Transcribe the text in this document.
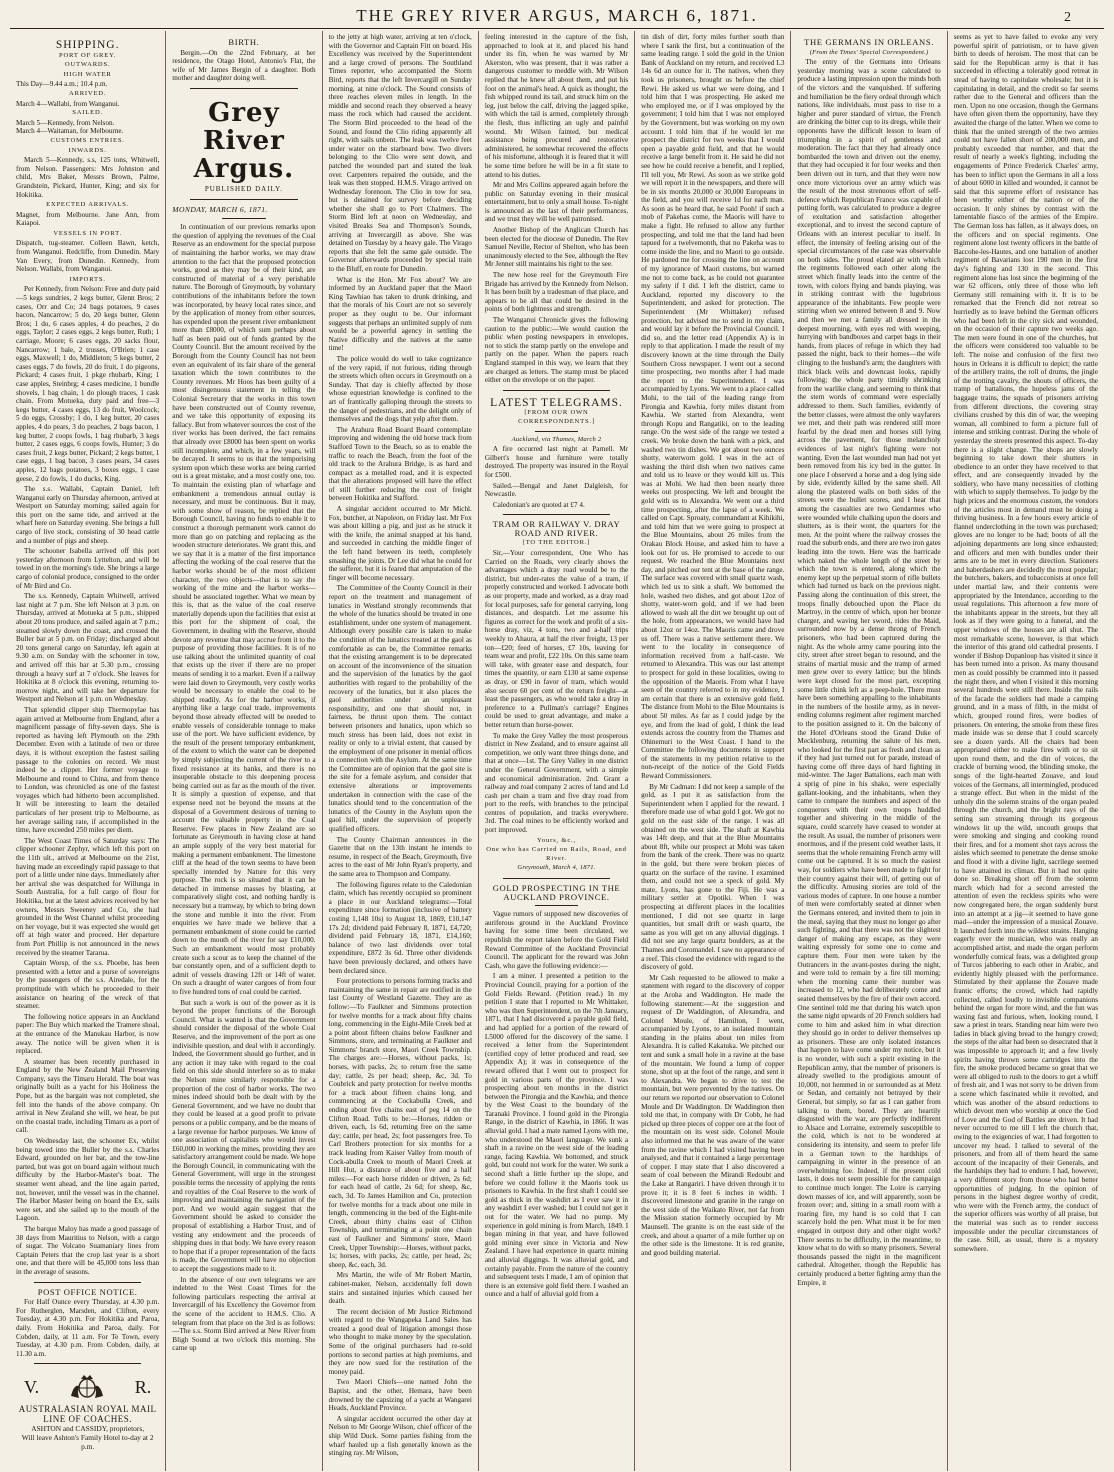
THE GREY RIVER ARGUS, MARCH 6, 1871.	2
SHIPPING.
PORT OF GREY.
OUTWARDS.
HIGH WATER

This Day—9.44 a.m.; 10.4 p.m.

ARRIVED.

March 4—Wallabi, from Wanganui.

SAILED.

March 5—Kennedy, from Nelson.

March 4—Waitaman, for Melbourne.

CUSTOMS ENTRIES.
INWARDS.

March 5—Kennedy, s.s, 125 tons, Whitwell, from Nelson. Passengers: Mrs Johnston and child, Mrs Baker, Messrs Brown, Palme, Grandstein, Pickard, Hunter, King; and six for Hokitika.

EXPECTED ARRIVALS.

Magnet, from Melbourne. Jane Ann, from Kaiapoi.

VESSELS IN PORT.

Dispatch, tug-steamer. Colleen Bawn, ketch, from Wanganui. Redcliffe, from Dunedin. Mary Van Every, from Dunedin. Kennedy, from Nelson. Wallabi, from Wanganui.

IMPORTS.

Per Kennedy, from Nelson: Free and duty paid—5 kegs sundries, 2 kegs butter, Glenn Bros; 2 cases, Orr and Co; 24 bags potatoes, 9 cases bacon, Nancarrow; 5 do, 20 kegs butter, Glenn Bros; 1 do, 6 cases apples, 4 do peaches, 2 do eggs, Taylor; 2 cases eggs, 2 kegs butter, Ruth; 1 carriage, Moore; 6 cases eggs, 20 sacks flour, Nancarrow; 1 bale, 2 trusses, O'Brien; 1 case eggs, Maxwell; 1 do, Middleton; 5 kegs butter, 2 cases eggs, 7 do fowls, 20 do fruit, 1 do pigeons, Pickard; 4 cases fruit, 1 pkge rhubarb, King; 1 case apples, Steinbrg; 4 cases medicine, 1 bundle shovels, 1 bag chain, 1 do plough traces, 1 cask chain. From Motueka, duty paid and free—3 kegs butter, 4 cases eggs, 13 do fruit, Woolcock; 5 do eggs, Crossby; 1 do, 1 keg butter, 20 cases apples, 4 do pears, 3 do peaches, 2 bags bacon, 1 keg butter, 2 coops fowls, 1 bag rhubarb, 3 kegs butter, 2 cases eggs, 6 coops fowls, Hunter; 3 do cases fruit, 2 kegs butter, Pickard; 2 kegs butter, 1 case eggs, 1 bag bacon, 3 cases pears, 34 cases apples, 12 bags potatoes, 3 boxes eggs, 1 case geese, 2 do fowls, 1 do ducks, King.

The s.s. Wallabi, Captain Daniel, left Wanganui early on Thursday afternoon, arrived at Westport on Saturday morning; sailed again for this port on the same tide, and arrived at the wharf here on Saturday evening. She brings a full cargo of live stock, consisting of 30 head cattle and a number of pigs and sheep.

The schooner Isabella arrived off this port yesterday afternoon from Lyttelton, and will be towed in on the morning's tide. She brings a large cargo of colonial produce, consigned to the order of Mr Bird and Co.

The s.s. Kennedy, Captain Whitwell, arrived last night at 7 p.m. She left Nelson at 3 p.m. on Thursday, arrived at Motueka at 5 p.m., shipped about 20 tons produce, and sailed again at 7 p.m.; steamed slowly down the coast, and crossed the Buller bar at 5 p.m. on Friday; discharged about 20 tons general cargo on Saturday, left again at 9.30 a.m. on Sunday with the schooner in tow, and arrived off this bar at 5.30 p.m., crossing through a heavy surf at 7 o'clock. She leaves for Hokitika at 8 o'clock this evening, returning to-morrow night, and will take her departure for Westport and Nelson at 1 p.m. on Wednesday.

That splendid clipper ship Thermopylae has again arrived at Melbourne from England, after a magnificent passage of fifty-seven days. She is reported as having left Plymouth on the 29th December. Even with a latitude of two or three days, it is without exception the fastest sailing passage to the colonies on record. We must indeed be a clipper. Her former voyage to Melbourne and round to China, and from thence to London, was chronicled as one of the fastest voyages which had hitherto been accomplished. It will be interesting to learn the detailed particulars of her present trip to Melbourne, as her average sailing rate, if accomplished in the time, have exceeded 250 miles per diem.

The West Coast Times of Saturday says: The clipper schooner Zephyr, which left this port on the 11th ult., arrived at Melbourne on the 21st, having made an exceedingly rapid passage to that port of a little under nine days. Immediately after her arrival she was despatched for Willunga in South Australia, for a full cargo of flour for Hokitika, but at the latest advices received by her owners, Messrs Sweeney and Co, she had grounded in the West Channel whilst proceeding on her voyage, but it was expected she would get off at high water and proceed. Her departure from Port Phillip is not announced in the news received by the steamer Tararua.

Captain Worsp, of the s.s. Phoebe, has been presented with a letter and a purse of sovereigns by the passengers of the s.s. Airedale, for the promptitude with which he proceeded to their assistance on hearing of the wreck of that steamer.

The following notice appears in an Auckland paper: The Buy which marked the Tramere shoal, at the entrance of the Manukau Harbor, is now away. The notice will be given when it is replaced.

A steamer has been recently purchased in England by the New Zealand Mail Preserving Company, says the Timaru Herald. The boat was originally built as a yacht for his Holiness the Pope, but as the bargain was not completed, she fell into the hands of the above company. On arrival in New Zealand she will, we hear, be put on the coastal trade, including Timaru as a port of call.

On Wednesday last, the schooner Ex, whilst being towed into the Buller by the s.s. Charles Edward, grounded on her bar, and the tow-line parted, but was got on board again without much difficulty by the Harbor-Master's boat. The steamer went ahead, and the line again parted, not, however, until the vessel was in the channel. The Harbor Master being on board the Ex, sails were set, and she sailed up to the mouth of the Lagoon.

The barque Maloy has made a good passage of 38 days from Mauritius to Nelson, with a cargo of sugar. The Volcano Suamaniary lines from Captain Peters that the crop last year is a short one, and that there will be 45,000 tons less than in the average of seasons.

POST OFFICE NOTICE.

For Half Ounce every Thursday, at 4.30 p.m. For Rutherglen, Marsden, and Clifton, every Tuesday, at 4.30 p.m. For Hokitika and Paroa, daily. From Hokitika and Paroa, daily. For Cobden, daily, at 11 a.m. For Te Town, every Tuesday, at 4.30 p.m. From Cobden, daily, at 11.30 a.m.

V.	R.
AUSTRALASIAN ROYAL MAIL LINE OF COACHES.
ASHTON and CASSIDY, proprietors,
Will leave Ashton's Family Hotel to-day at 2 p.m.
BIRTH.

Bergin.—On the 22nd February, at her residence, the Otago Hotel, Antonio's Flat, the wife of Mr James Bergin of a daughter. Both mother and daughter doing well.

Grey River Argus.
PUBLISHED DAILY.
MONDAY, MARCH 6, 1871.

In continuation of our previous remarks upon the question of applying the revenues of the Coal Reserve as an endowment for the special purpose of maintaining the harbor works, we may draw attention to the fact that the proposed protection works, good as they may be of their kind, are constructed of material of a very perishable nature. The Borough of Greymouth, by voluntary contributions of the inhabitants before the town was incorporated, by heavy local rates since, and by the application of money from other sources, has expended upon the present river embankment more than £8000, of which sum perhaps about half as been paid out of funds granted by the County Council. But the amount received by the Borough from the County Council has not been even an equivalent of its fair share of the general taxation which the town contributes to the County revenues. Mr Hoos has been guilty of a most disingenuous statement in telling the Colonial Secretary that the works in this town have been constructed out of County revenue, and we take this opportunity of exposing its fallacy. But from whatever sources the cost of the river works has been derived, the fact remains that already over £8000 has been spent on works still incomplete, and which, in a few years, will be decayed. It seems to us that the temporising system upon which these works are being carried out is a great mistake, and a most costly one, too. To maintain the existing plan of wharfage and embankment a tremendous annual outlay is necessary, and must be continuous. But it may, with some show of reason, be replied that the Borough Council, having no funds to enable it to construct a thorough permanent work cannot do more than go on patching and replacing as the wooden structure deteriorates. We grant this, and we say that it is a matter of the first importance affecting the working of the coal reserve that the harbor works should be of the most efficient character, the two objects—that is to say the working of the mine and the harbor works—should be associated together. What we mean by this is, that as the value of the coal reserve materially depends upon the facilities that exist at this port for the shipment of coal, the Government, in dealing with the Reserve, should devote any revenue that may accrue from it to the purpose of providing those facilities. It is of no use talking about the unlimited quantity of coal that exists up the river if there are no proper means of sending it to a market. Even if a railway were laid down to Greymouth, very costly works would be necessary to enable the coal to be shipped readily. As for the harbor works, if anything like a large coal trade, improvements beyond those already effected will be needed to enable vessels of considerable tonnage to make use of the port. We have sufficient evidence, by the result of the present temporary embankment, of the extent to which the water can be deepened by simply subjecting the current of the river to a fixed resistance at its banks, and there is no insuperable obstacle to this deepening process being carried out as far as the mouth of the river. It is simply a question of expense, and that expense need not be beyond the means at the disposal of a Government desirous of turning to account the valuable property in the Coal Reserve. Few places in New Zealand are so fortunate as Greymouth in having close at hand an ample supply of the very best material for making a permanent embankment. The limestone cliff at the head of the town seems to have been specially intended by Nature for this very purpose. The rock is so situated that it can be detached in immense masses by blasting, at comparatively slight cost, and nothing hardly is necessary but a tramway, by which to bring down the stone and tumble it into the river. From enquiries we have made we believe that a permanent embankment of stone could be carried down to the mouth of the river for say £10,000. Such an embankment would most probably create such a scour as to keep the channel of the bar constantly open, and of a sufficient depth to admit of vessels drawing 12ft or 14ft of water. On such a draught of water cargoes of from four to five hundred tons of coal could be carried.

But such a work is out of the power as it is beyond the proper functions of the Borough Council. What is wanted is that the Government should consider the disposal of the whole Coal Reserve, and the improvement of the port as one indivisible question, and deal with it accordingly. Indeed, the Government should go further, and in any action it may take with regard to the coal field on this side should interfere so as to make the Nelson mine similarly responsible for a proportion of the cost of harbor works. The two mines indeed should both be dealt with by the General Government, and we have no doubt that they could be leased at a good profit to private persons or a public company, and be the means of a large revenue for harbor purposes. We know of one association of capitalists who would invest £60,000 in working the mines, providing they are satisfactory arrangement could be made. We hope the Borough Council, in communicating with the General Government, will urge in the strongest possible terms the necessity of applying the rents and royalties of the Coal Reserve to the work of improving and maintaining the navigation of the port. And we would again suggest that the Government should be asked to consider the proposal of establishing a Harbor Trust, and of vesting any endowment and the proceeds of shipping dues in that body. We have every reason to hope that if a proper representation of the facts is made, the Government will have no objection to accept the suggestions made to it.

In the absence of our own telegrams we are indebted to the West Coast Times for the following particulars respecting the arrival at Invercargill of his Excellency the Governor from the scene of the accident to H.M.S. Clio. A telegram from that place on the 3rd is as follows:—The s.s. Storm Bird arrived at New River from Bligh Sound at two o'clock this morning. She came up

to the jetty at high water, arriving at ten o'clock, with the Governor and Captain Fitt on board. His Excellency was received by the Superintendent and a large crowd of persons. The Southland Times reporter, who accompanied the Storm Bird, reports that the left Invercargill on Sunday morning, at nine o'clock. The Sound consists of three reaches eleven miles in length. In the middle and second reach they observed a heavy mass the rock which had caused the accident. The Storm Bird proceeded to the head of the Sound, and found the Clio riding apparently all right, with sails unbent. The leak was twelve feet under water on the starboard bow. Two divers belonging to the Clio were sent down, and patched the wounded part and stated the leak over. Carpenters repaired the outside, and the leak was then stopped. H.M.S. Virago arrived on Wednesday forenoon. The Clio in tow for sea, but is detained for survey before deciding whether she shall go to Port Chalmers. The Storm Bird left at noon on Wednesday, and visited Breaks Sea and Thompson's Sounds, arriving at Invercargill as above. She was detained on Tuesday by a heavy gale. The Virago reports that she felt the same gale outside. The Governor afterwards proceeded by special train to the Bluff, en route for Dunedin.

What is the Hon. Mr Fox about? We are informed by an Auckland paper that the Maori King Tawhiao has taken to drunk drinking, and that the morals of his Court are not so severely proper as they ought to be. Our informant suggests that perhaps an unlimited supply of rum would be a powerful agency in settling the Native difficulty and the natives at the same time!

The police would do well to take cognizance of the very rapid, if not furious, riding through the streets which often occurs in Greymouth on a Sunday. That day is chiefly affected by those whose equestrian knowledge is confined to the art of frantically galloping through the streets to the danger of pedestrians, and the delight only of themselves and the dogs that yelp after them.

The Arahura Road Board Board contemplate improving and widening the old horse track from Stafford Town to the Beach, so as to enable the traffic to reach the Beach, from the foot of the old track to the Arahura Bridge, is as hard and compact as a metalled road, and it is expected that the alterations proposed will have the effect of still further reducing the cost of freight between Hokitika and Stafford.

A singular accident occurred to Mr Michl. Fox, butcher, at Napoleon, on Friday last. Mr Fox was about killing a pig, and just as he struck it with the knife, the animal snapped at his hand, and succeeded in catching the middle finger of the left hand between its teeth, completely smashing the joints. Dr Lee did what he could for the sufferer, but it is feared that amputation of the finger will become necessary.

The Committee of the County Council in their report on the treatment and management of lunatics in Westland strongly recommends that the whole of the lunatics should be treated in one establishment, under one system of management. Although every possible care is taken to make the condition of the lunatics treated at the gaol as comfortable as can be, the Committee remarks that the existing arrangement is to be deprecated on account of the inconvenience of the situation and the supervision of the lunatics by the gaol authorities with regard to the probability of the recovery of the lunatics, but it also places the gaol authorities under an unpleasant responsibility, and one that should not, in fairness, be thrust upon them. The contact between prisoners and lunatics, upon which so much stress has been laid, does not exist in reality or only to a trivial extent, that caused by the employment of one prisoner in menial offices in connection with the Asylum. At the same time the Committee are of opinion that the gaol site is the site for a female asylum, and consider that extensive alterations or improvements undertaken in connection with the case of the lunatics should tend to the concentration of the lunatics of the County in the Asylum upon the gaol hill, under the supervision of properly qualified officers.

The County Chairman announces in the Gazette that on the 13th instant he intends to resume, in respect of the Beach, Greymouth, five acres to the east of Mr John Ryan's property, and the same area to Thompson and Company.

The following figures relate to the Caledonian claim, which has recently occupied so prominent a place in our Auckland telegrams:—Total expenditure since formation (inclusive of battery costing 1,148 10s) to August 18, 1869, £10,147 17s 2d; dividend paid February 8, 1871, £4,720; dividend paid February 18, 1871, £14,160; balance of two last dividends over total expenditure, £872 3s 6d. Three other dividends have been previously declared, and others have been declared since.

Four protections to persons forming tracks and maintaining the same in repair are notified in the last County of Westland Gazette. They are as follow:—To Faulkner and Simmons protection for twelve months for a track about fifty chains long, commencing in the Eight-Mile Creek bed at a point about fifteen chains below Faulkner and Simmons, store, and terminating at Faulkner and Simmons' branch store, Maori Creek Township. The charges are:—Horses, without packs, 1s; horses, with packs, 2s; to return free the same day; cattle, 2s per head; sheep, &c, 3d. To Coubrick and party protection for twelve months for a track about fifteen chains long, and commencing at the Cockabulla Creek, and ending about five chains east of peg 14 on the Clifton Road. Tolls to be:—Horses, ridden or driven, each, 1s 6d, returning free on the same day; cattle, per head, 2s; foot passengers free. To Carl Brothers protection for six months for a track leading from Kaiser Valley from mouth of Cock-abulla Creek to mouth of Maori Creek at Hill Hut, a distance of about five and a half miles:—For each horse ridden or driven, 2s 6d; for each head of cattle, 2s 6d; for sheep, &c, each, 3d. To James Hamilton and Co, protection for twelve months for a track about one mile in length, commencing in the bed of the Eight-mile Creek, about thirty chains east of Clifton Township, and terminating at a point one chain east of Faulkner and Simmons' store, Maori Creek, Upper Township:—Horses, without packs, 1s; horses, with packs, 2s; cattle, per head, 2s; sheep, &c, each, 3d.

Mrs Martin, the wife of Mr Robert Martin, cabinet-maker, Nelson, accidentally fell down stairs and sustained injuries which caused her death.

The recent decision of Mr Justice Richmond with regard to the Wangapeka Land Sales has created a good deal of litigation amongst those who thought to make money by the speculation. Some of the original purchasers had re-sold portions to second parties at high premiums, and they are now sued for the restitution of the money paid.

Two Maori Chiefs—one named John the Baptist, and the other, Hemara, have been drowned by the capsizing of a yacht at Wangarei Heads, Auckland Province.

A singular accident occurred the other day at Nelson to Mr George Wilson, chief officer of the ship Wild Duck. Some parties fishing from the wharf hauled up a fish generally known as the stinging ray. Mr Wilson,

feeling interested in the capture of the fish, approached to look at it, and placed his hand under its fin, when he was warned by Mr Akerston, who was present, that it was rather a dangerous customer to meddle with. Mr Wilson replied that he knew all about them, and put his foot on the animal's head. A quick as thought, the fish whipped round its tail, and struck him on the leg, just below the calf, driving the jagged spike, with which the tail is armed, completely through the flesh, thus inflicting an ugly and painful wound. Mr Wilson fainted, but medical assistance being procured and restorative administered, he somewhat recovered the effects of his misfortune, although it is feared that it will be some time before he will be in a fit state to attend to his duties.

Mr and Mrs Collins appeared again before the public on Saturday evening in their musical entertainment, but to only a small house. To-night is announced as the last of their performances, and we trust they will be well patronised.

Another Bishop of the Anglican Church has been elected for the diocese of Dunedin. The Rev Samuel Neville, Rector of Shelton, who has been unanimously elected to the See, although the Rev Mr Jenner still maintains his right to the see.

The new hose reel for the Greymouth Fire Brigade has arrived by the Kennedy from Nelson. It has been built by a tradesman of that place, and appears to be all that could be desired in the points of both lightness and strength.

The Wanganui Chronicle gives the following caution to the public:—We would caution the public when posting newspapers in envelopes, not to stick the stamp partly on the envelope and partly on the paper. When the papers reach England stamped in this way, we learn that they are charged as letters. The stamp must be placed either on the envelope or on the paper.

LATEST TELEGRAMS.
[FROM OUR OWN CORRESPONDENTS.]
Auckland, via Thames, March 2

A fire occurred last night at Parnell. Mr Gilbert's house and furniture were totally destroyed. The property was insured in the Royal for £500.

Sailed.—Bengal and Janet Dalgleish, for Newcastle.

Caledonian's are quoted at £7 4.

TRAM OR RAILWAY V. DRAY ROAD AND RIVER.
[TO THE EDITOR.]

Sir,—Your correspondent, One Who has Carried on the Roads, very clearly shows the advantages which a dray road would be to the district, but under-rates the value of a tram, if properly constructed and worked. I advocate both as our property, made and worked, as a dray road for local purposes, safe for general carrying, long distances, and despatch. Let me assume his figures as correct for the work and profit of a six-horse dray, viz, 4 tons, two and a-half trips weekly to Ahaura, at half the river freight, 13 per ton—£20; feed of horses, £7 10s, leaving for team wear and profit, £22 10s. On this same team will take, with greater ease and despatch, four times the quantity, or earn £130 at same expense as dray, or £90 in favor of tram, which would also secure 60 per cent of the return freight—at least the passengers, as who would take a dray in preference to a Pullman's carriage? Engines could be used to great advantage, and make a better return than horse-power.

To make the Grey Valley the most prosperous district in New Zealand, and to ensure against all competition, we only want three things done, and that at once—1st. The Grey Valley in one district under the General Government, with a simple and economical administration. 2nd. Grant a railway and road company 2 acres of land and Ld cash per chain a tram and five dray road from port to the reefs, with branches to the principal centres of population, and tracks everywhere. 3rd. The coal mines to be efficiently worked and port improved.

Yours, &c.,
One who has Carried on Rails, Road, and River.
Greymouth, March 4, 1871.
GOLD PROSPECTING IN THE AUCKLAND PROVINCE.

Vague rumors of supposed new discoveries of auriferous ground in the Auckland Province having for some time been circulated, we republish the report taken before the Gold Field Reward Committee of the Auckland Provincial Council. The applicant for the reward was John Cash, who gave the following evidence:—

I am a miner. I presented a petition to the Provincial Council, praying for a portion of the Gold Fields Reward. (Petition read.) In my petition I state that I reported to Mr Whittaker, who was then Superintendent, on the 7th January, 1871, that I had discovered a payable gold field, and had applied for a portion of the reward of L5000 offered for the discovery of the same. I received a letter from the Superintendent (certified copy of letter produced and read, see Appendix A); it was in consequence of the reward offered that I went out to prospect for gold in various parts of the province. I was prospecting about ten months in the district between the Pirongia and the Kawhia, and thence by the West Coast to the boundary of the Taranaki Province. I found gold in the Pirongia Range, in the district of Kawhia, in 1866. It was alluvial gold. I had a mate named Lyons with me, who understood the Maori language. We sunk a shaft in a ravine on the west side of the leading range, facing Kawhia. We bottomed, and struck gold, but could not work for the water. We sunk a second shaft a little further up the slope, and before we could follow it the Maoris took us prisoners to Kawhia. In the first shaft I could see gold as thick in the washdirt as I ever saw it in any washdirt I ever washed; but I could not get it out for the water. We had no pump. My experience in gold mining is from March, 1849. I began mining in that year, and have followed gold mining ever since in Victoria and New Zealand. I have had experience in quartz mining and alluvial diggings. It was alluvial gold, and certainly payable. From the nature of the country and subsequent tests I made, I am of opinion that there is an extensive gold field there. I washed an ounce and a half of alluvial gold from a

tin dish of dirt, forty miles further south than where I sank the first, but a continuation of the same leading range. I sold the gold in the Union Bank of Auckland on my return, and received L3 14s 6d an ounce for it. The natives, when they took us prisoners, brought us before the chief Rewi. He asked us what we were doing, and I told him that I was prospecting. He asked me who employed me, or if I was employed by the government; I told him that I was not employed by the Government, but was working on my own account. I told him that if he would let me prospect the district for two weeks that I would open a payable gold field, and that he would receive a large benefit from it. He said he did not see how he could receive a benefit, and I replied, I'll tell you, Mr Rewi. As soon as we strike gold we will report it in the newspapers, and there will be in six months 20,000 or 30,000 Europeans in the field, and you will receive 1d for each man. As soon as he heard that, he said Pooh! if such a mob of Pakehas come, the Maoris will have to make a fight. He refused to allow any further prospecting, and told me that the land had been tapued for a twelvemonth, that no Pakeha was to come inside the line, and no Maori to go outside. He pardoned me for crossing the line on account of my ignorance of Maori customs, but warned me not to come back, as he could not guarantee my safety if I did. I left the district, came to Auckland, reported my discovery to the Superintendent, and asked for protection. The Superintendent (Mr Whittaker) refused protection, but advised me to send in my claim, and would lay it before the Provincial Council. I did so, and the letter read (Appendix A) is in reply to that application. I made the result of my discovery known at the time through the Daily Southern Cross newspaper. I went out a second time prospecting, two months after I had made the report to the Superintendent. I was accompanied by Lyons. We went to a place called Mohi, to the tail of the leading range from Pirongia and Kawhia, forty miles distant from Kawhia. We started from Alexandra, went through Kopu and Rangatiki, on to the leading range. On the west side of the range we tested a creek. We broke down the bank with a pick, and washed two tin dishes. We got about two ounces shotty, waterworn gold. I was in the act of washing the third dish when two natives came and told us to leave or they would kill us. This was at Mohi. We had then been nearly three weeks out prospecting. We left and brought the gold with us to Alexandra. We went out a third time prospecting, after the lapse of a week. We called on Capt. Sproaty, commandant at Kihikihi, and told him that we were going to prospect at the Blue Mountains, about 26 miles from the Orakau Block House, and asked him to have a look out for us. He promised to accede to our request. We reached the Blue Mountains next day, and pitched our tent at the base of the range. The surface was covered with small quartz wash, which led us to sink a shaft. We bottomed the hole, washed two dishes, and got about 12oz of shotty, water-worn gold, and if we had been allowed to wash all the dirt we brought up out of the hole, from appearances, we would have had about 12oz or 14oz. The Maoris came and drove us off. There was a native settlement there. We went to the locality in consequence of information received from a half-caste. We returned to Alexandra. This was our last attempt to prospect for gold in these localities, owing to the opposition of the Maoris. From what I have seen of the country referred to in my evidence, I am certain that there is an extensive gold field. The distance from Mohi to the Blue Mountains is about 50 miles. As far as I could judge by the eye, and from the lead of gold, I think the lead extends across the country from the Thames and Ohinemuri to the West Coast. I hand to the Committee the following documents in support of the statements in my petition relative to the non-receipt of the notice of the Gold Fields Reward Commissioners.

By Mr Cadman: I did not keep a sample of the gold, as I put it as satisfaction from the Superintendent when I applied for the reward. I therefore made use of what gold I got. We got no gold on the east side of the range. I was all obtained on the west side. The shaft at Kawhia was 14ft deep, and that at the Blue Mountains about 8ft, while our prospect at Mohi was taken from the bank of the creek. There was no quartz in the gold, but there were broken pieces of quartz on the surface of the ravine. I examined them, and could not see a speck of gold. My mate, Lyons, has gone to the Fiji. He was a military settler at Opotiki. When I was prospecting at different places in the localities mentioned, I did not see quartz in large quantities, but small drift or wash quartz, the same as you will get on any alluvial diggings. I did not see any large quartz boulders, as at the Thames and Coromandel. I saw no appearance of a reef. This closed the evidence with regard to the discovery of gold.

Mr Cash requested to be allowed to make a statement with regard to the discovery of copper at the Aroha and Waddington. He made the following statement:—At the suggestion and request of Dr Waddington, of Alexandra, and Colonel Moule, of Hamilton, I went, accompanied by Lyons, to an isolated mountain standing in the plains about ten miles from Alexandra. It is called Kakatuka. We pitched our tent and sunk a small hole in a ravine at the base of the mountain. We found a lump of copper stone, shot up at the foot of the range, and sent it to Alexandra. We began to drive to test the mountain, but were prevented by the natives. On our return we reported our observation to Colonel Moule and Dr Waddington. Dr Waddington then told me that, in company with Dr Cobb, he had picked up three pieces of copper ore at the foot of the mountain on its west side. Colonel Moule also informed me that he was aware of the water from the ravine which I had visited having been analysed, and that it contained a large percentage of copper. I may state that I also discovered a seam of coal between the Mirandi Redoubt and the Lake at Rangariri. I have driven through it to prove it; it is 8 feet 6 inches in width. I discovered limestone and granite in the range on the west side of the Waikato River, not far from the Mission station formerly occupied by Mr Maunsell. The granite is on the east side of the creek, and about a quarter of a mile further up on the other side is the limestone. It is red granite, and good building material.

THE GERMANS IN ORLEANS.
(From the Times' Special Correspondent.)

The entry of the Germans into Orleans yesterday morning was a scene calculated to produce a lasting impression upon the minds both of the victors and the vanquished. If suffering and humiliation be the fiery ordeal through which nations, like individuals, must pass to rise to a higher and purer standard of virtue, the French are drinking the bitter cup to its dregs, while their opponents have the difficult lesson to learn of triumphing in a spirit of gentleness and moderation. The fact that they had already once bombarded the town and driven out the enemy, that they had occupied it for four weeks and then been driven out in turn, and that they were now once more victorious over an army which was the result of the most strenuous effort of self-defence which Republican France was capable of putting forth, was calculated to produce a degree of exultation and satisfaction altogether exceptional, and to invest the second capture of Orleans with an interest peculiar to itself. In effect, the intensity of feeling arising out of the special circumstances of the case was observable on both sides. The proud elated air with which the regiments followed each other along the street which finally leads into the centre of the town, with colors flying and bands playing, was in striking contrast with the lugubrious appearance of the inhabitants. Few people were stirring when we entered between 8 and 9. Now and then we met a family all dressed in the deepest mourning, with eyes red with weeping, hurrying with bandboxes and carpet bags in their hands, from places of refuge in which they had passed the night, back to their homes—the wife clinging to the husband's arm; the daughters with thick black veils and downcast looks, rapidly following; the whole party timidly shrinking from the warlike clang, and seeming to think that the stern words of command were especially addressed to them. Such families, evidently of the better classes, were almost the only wayfarers we met, and their path was rendered still more fearful by the dead men and horses still lying across the pavement, for those melancholy evidences of last night's fighting were not wanting. Even the last wounded man had not yet been removed from his icy bed in the gutter. In one place I observed a horse and a dog lying side by side, evidently killed by the same shell. All along the plastered walls on both sides of the streets were the bullet scores, and I hear that among the casualties are two Gendarmes who were wounded while chalking upon the doors and shutters, as is their wont, the quarters for the men. At the point where the railway crosses the road the suburb ends, and there are two iron gates leading into the town. Here was the barricade which naked the whole length of the street by which the town is entered, along which the enemy kept up the perpetual storm of rifle bullets which had turned us back on the previous night. Passing along the continuation of this street, the troops finally debouched upon the Place du Martroy, in the centre of which, upon her bronze charger, and waving her sword, rides the Maid, surrounded now by a dense throng of French prisoners, who had been captured during the night. As the whole army came pouring into the city, street after street began to resound, and the strains of martial music and the tramp of armed men grew over to every lattice; but the blinds were kept closed for the most part, excepting some little chink left as a peep-hole. There must have been something appalling to the inhabitants in the numbers of the hostile army, as in never-ending columns regiment after regiment marched to the position assigned to it. On the balcony of the Hotel d'Orleans stood the Grand Duke of Mecklenburg, returning the salute of his men, who looked for the first part as fresh and clean as if they had just turned out for parade, instead of having come off three days of hard fighting in mid-winter. The Jager Battalions, each man with a sprig of pine in his shako, were especially gallant-looking, and the inhabitants, when they came to compare the numbers and aspect of the conquerors with their own troops huddled together and shivering in the middle of the square, could scarcely have ceased to wonder at the result. As usual, the number of prisoners were enormous, and if the present cold weather lasts, it seems that the whole remaining French army will come out be captured. It is so much the easiest way, for soldiers who have been made to fight for their country against their will, of getting out of the difficulty. Amusing stories are told of the various modes of capture. In one house a number of men were comfortably seated at dinner when the Germans entered, and invited them to join in the meal, saying that they must no longer go after such fighting, and that there was not the slightest danger of making any escape, as they were waiting expressly for some one to come and capture them. Four men were taken by the Outrancers in the avant-postes during the night, and were told to remain by a fire till morning; when the morning came their number was increased to 12, who had deliberately come and seated themselves by the fire of their own accord. One sentinel told me that during his watch upon the same night upwards of 20 French soldiers had come to him and asked him in what direction they should go in order to deliver themselves up as prisoners. These are only isolated instances that happen to have come under my notice, but it is no wonder, with such a spirit existing in the Republican army, that the number of prisoners is already swelled to the prodigious amount of 10,000, not hemmed in or surrounded as at Metz or Sedan, and certainly not betrayed by their General, but simply, so far as I can gather from talking to them, bored. They are heartily disgusted with the war, are perfectly indifferent to Alsace and Lorraine, extremely susceptible to the cold, which is not to be wondered at considering its intensity, and seem to prefer life in a German town to the hardships of campaigning in winter in the presence of an overwhelming foe. Indeed, if the present cold lasts, it does not seem possible for the campaign to continue much longer. The Loire is carrying down masses of ice, and will apparently, soon be frozen over; and, sitting in a small room with a roaring fire, my hand is so cold that I can scarcely hold the pen. What must it be for men engaged in outpost duty and other night work? There seems to be difficulty, in the meantime, to know what to do with so many prisoners. Several thousands passed the night in the magnificent cathedral. Altogether, though the Republic has certainly produced a better fighting army than the Empire, it

seems as yet to have failed to evoke any very powerful spirit of patriotism, or to have given birth to deeds of heroism. The most that can be said for the Republican army is that it has succeeded in effecting a tolerably good retreat in stead of having to capitulate wholesale; but it is capitulating in detail, and the credit so far seems rather due to the General and officers than the men. Upon no one occasion, though the Germans have often given them the opportunity, have they awaited the charge of the latter. When we come to think that the united strength of the two armies could not have fallen short of 200,000 men, and probably exceeded that number, and that the result of nearly a week's fighting, including the engagements of Prince Frederick Charles' army, has been to inflict upon the Germans in all a loss of about 6000 in killed and wounded, it cannot be said that this supreme effort of resistance has been worthy either of the nation or of the occasion. It only shines by contrast with the lamentable fiasco of the armies of the Empire. The German loss has fallen, as it always does, on the officers and on special regiments. One regiment alone lost twenty officers in the battle of Baccohe-les-Hautes, and one battalion of another regiment of Bavarians lost 190 men in the first day's fighting and 130 in the second. This regiment alone has lost since the beginning of the war 62 officers, only three of those who left Germany still remaining with it. It is to be remarked that the French did not retreat so hurriedly as to leave behind the German officers who had been left in the city sick and wounded, on the occasion of their capture two weeks ago. The men were found in one of the churches, but the officers were considered too valuable to be left. The noise and confusion of the first two hours in Orleans it is difficult to depict; the rattle of the artillery trains, the roll of drums, the jingle of the trotting cavalry, the shouts of officers, the tramp of battalions, the hopeless jams of the baggage trains, the squads of prisoners arriving from different directions, the covering stray civilians crushed by this din of war, the weeping woman, all combined to form a picture full of intense and striking contrast. During the whole of yesterday the streets presented this aspect. To-day there is a slight change. The shops are slowly beginning to take down their shutters in obedience to an order they have received to that effect, and are consequently invaded by the soldiery, who have many necessities of clothing with which to supply themselves. To judge by the high prices and the enormous custom, the vendors of the articles most in demand must be doing a thriving business. In a few hours every article of flannel underclothing in the town was purchased; gloves are no longer to be had; boots of all the adjoining departments are long since exhausted; and officers and men with bundles under their arms are to be met in every direction. Stationers and haberdashers are decidedly the most popular; the butchers, bakers, and tobacconists at once fell under martial law, and their contents were appropriated by the Intendance, according to the usual regulations. This afternoon a few more of the inhabitants appear in the streets, but they all look as if they were going to a funeral, and the upper windows of the houses are all shut. The most remarkable scene, however, is that which the interior of this grand old cathedral presents. I wonder if Bishop Dupanloup has visited it since it has been turned into a prison. As many thousand men as could possibly be crammed into it passed the night there, and when I visited it this morning several hundreds were still there. Inside the rails of the facade the soldiers had made a camping ground, and in a mass of filth, in the midst of which, grouped round fires, were bodies of prisoners. On entering, the smoke from these fires made inside was so dense that I could scarcely see a dozen yards. All the chairs had been appropriated either to make fires with or to sit upon round them, and the din of voices, the crackle of burning wood, the blinding smoke, the songs of the light-hearted Zouave, and loud voices of the Germans, all intermingled, produced a strange effect. But when in the midst of the unholy din the solemn strains of the organ pealed through the church, and the bright rays of the setting sun streaming through its gorgeous windows lit up the wild, uncouth groups that were smoking and singing and cooking round their fires, and for a moment shot rays across the aisles which seemed to penetrate the dense smoke and flood it with a divine light, sacrilege seemed to have attained its climax. But it had not quite done so. Breaking short off from the solemn march which had for a second arrested the attention of even the reckless spirits who were now congregated here, the organ suddenly burst into an attempt at a jig—it seemed to have gone mad—under the impression of a musical Zouave. It launched forth into the wildest strains. Hanging eagerly over the musician, who was really an accomplished artist, and made the organ perform wonderfully comical feats, was a delighted group of Turcos jabbering to each other in Arabic, and evidently highly pleased with the performance. Stimulated by their applause the Zouave made frantic efforts; the crowd, which had rapidly collected, called loudly to invisible companions behind the organ for more wind, and the fun was waxing fast and furious, when, looking round, I saw a priest in tears. Standing near him were two ladies in black giving bread to the hungry crowd; the steps of the altar had been so desecrated that it was impossible to approach it; and a few lively spirits having thrown some cartridges into the fire, the smoke produced became so great that we were all obliged to rush to the doors to get a whiff of fresh air, and I was not sorry to be driven from a scene which fascinated while it revolted, and which was another of the absurd reductions to which devout men who worship at once the God of Love and the God of Battles are driven. It had never occurred to me till I left the church that, owing to the exigencies of war, I had forgotten to uncover my head. I talked to several of the prisoners, and from all of them heard the same account of the incapacity of their Generals, and the hardships they had to endure. I had, however, a very different story from those who had better opportunities of judging. In the opinion of persons in the highest degree worthy of credit, who were with the French army, the conduct of the superior officers was worthy of all praise, but the material was such as to render success impossible under the peculiar circumstances of the case. Still, as usual, there is a mystery somewhere.
